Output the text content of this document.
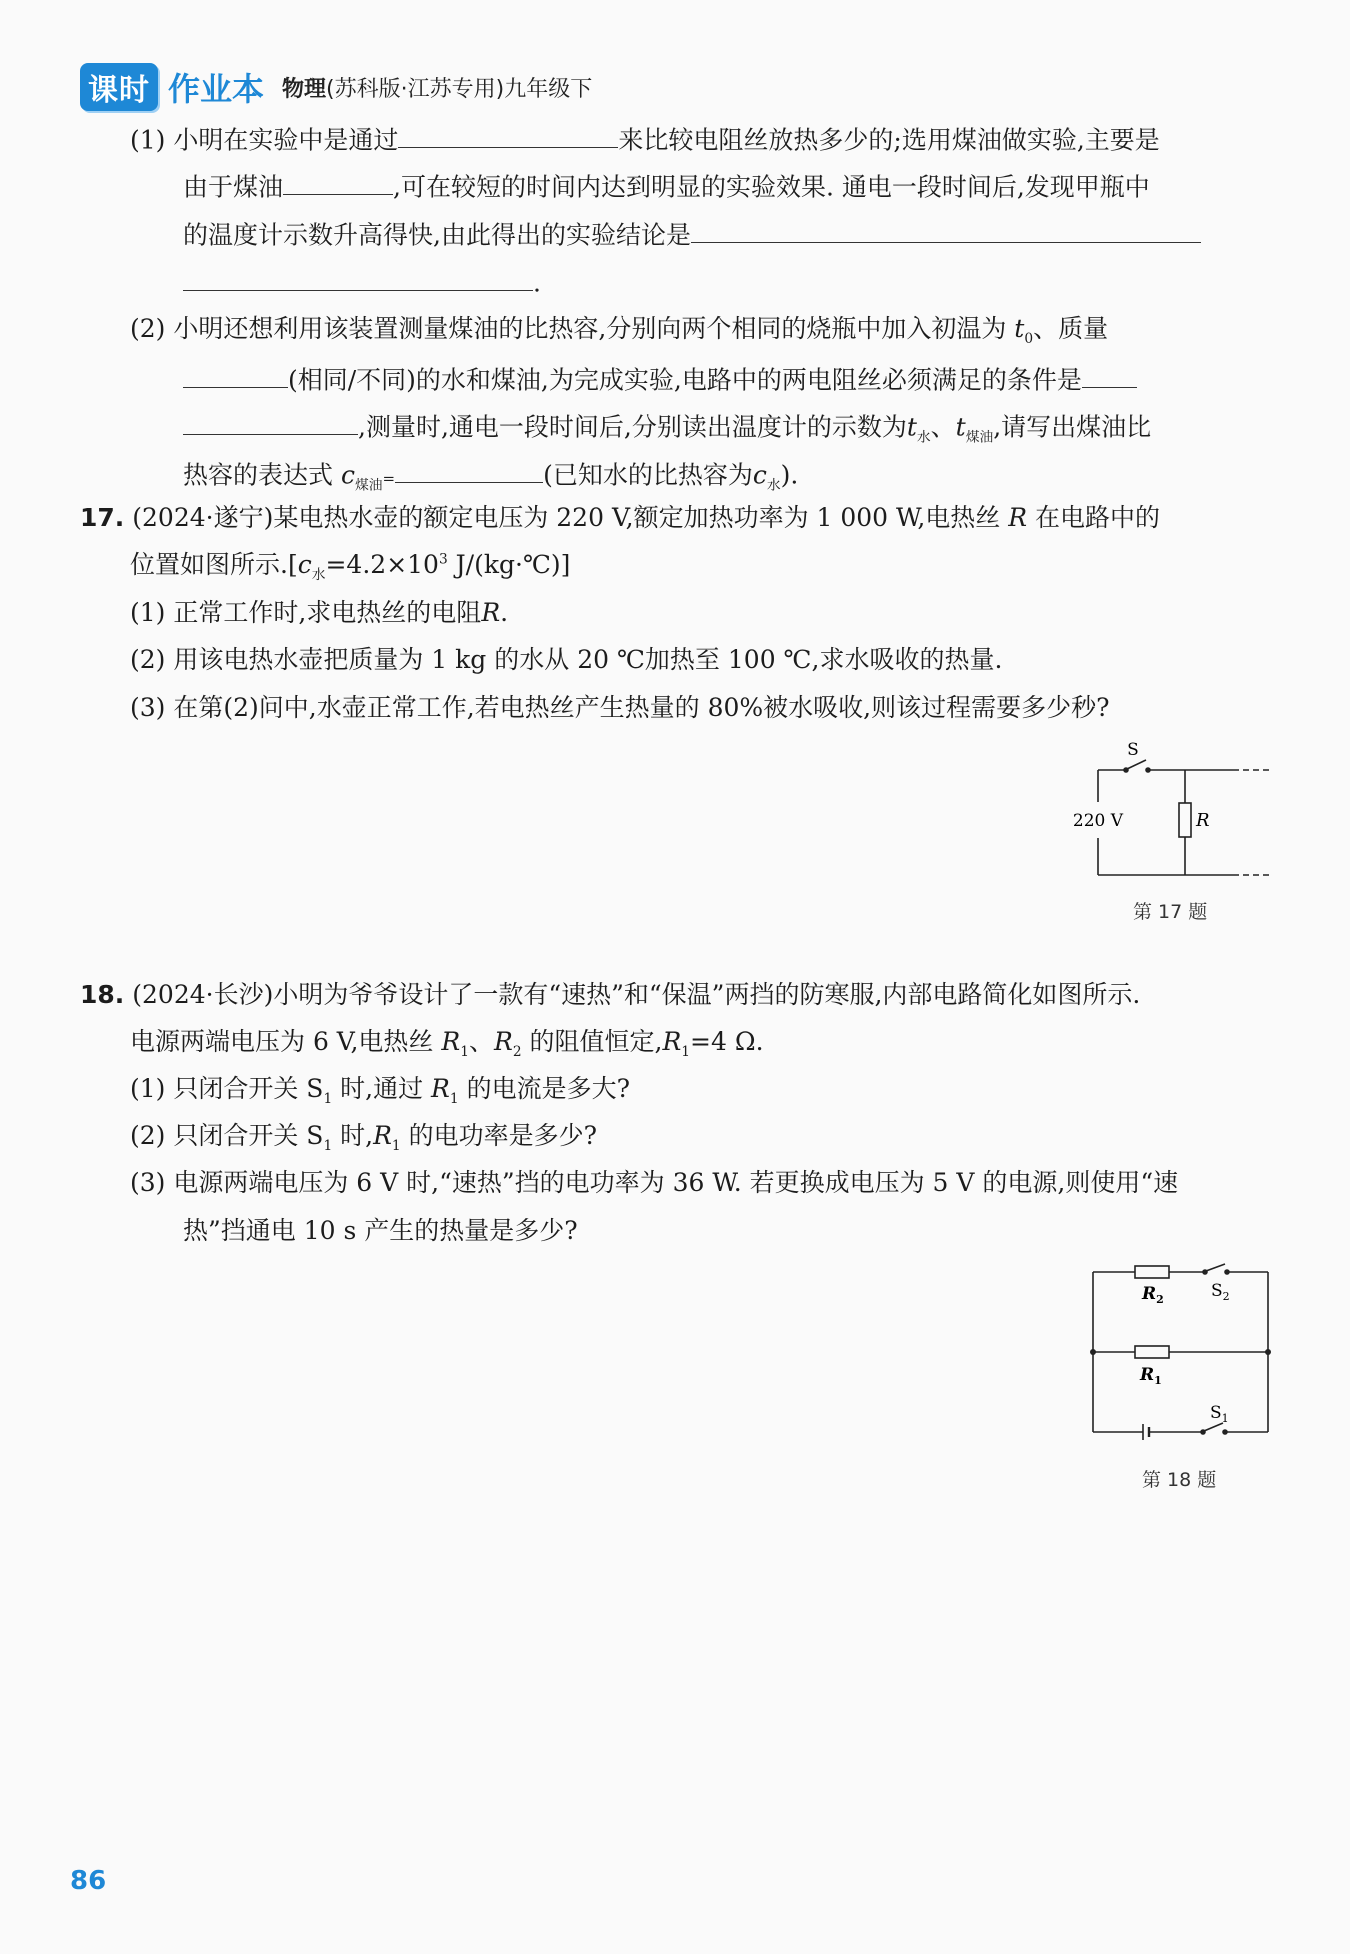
课时 作业本 物理(苏科版·江苏专用)九年级下
(1) 小明在实验中是通过	来比较电阻丝放热多少的;选用煤油做实验,主要是
由于煤油	,可在较短的时间内达到明显的实验效果. 通电一段时间后,发现甲瓶中
的温度计示数升高得快,由此得出的实验结论是
.
(2) 小明还想利用该装置测量煤油的比热容,分别向两个相同的烧瓶中加入初温为 $t_0$、质量
(相同/不同)的水和煤油,为完成实验,电路中的两电阻丝必须满足的条件是
,测量时,通电一段时间后,分别读出温度计的示数为$t_水$、$t_{煤油}$,请写出煤油比
热容的表达式 $c_{煤油}=$	(已知水的比热容为$c_水$).
17. (2024·遂宁)某电热水壶的额定电压为 220 V,额定加热功率为 1 000 W,电热丝 R 在电路中的
位置如图所示$.[c_水=4.2\times 10^3$ J/(kg·℃)]
(1) 正常工作时,求电热丝的电阻R.
(2) 用该电热水壶把质量为 1 kg 的水从 20 ℃加热至 100 ℃,求水吸收的热量.
(3) 在第(2)问中,水壶正常工作,若电热丝产生热量的 80%被水吸收,则该过程需要多少秒?
S
220 V	R
第 17 题
18. (2024·长沙)小明为爷爷设计了一款有“速热”和“保温”两挡的防寒服,内部电路简化如图所示.
电源两端电压为 6 V,电热丝 $R_1$、$R_2$ 的阻值恒定$,R_1=4$ Ω.
(1) 只闭合开关 $S_1$ 时,通过 $R_1$ 的电流是多大?
(2) 只闭合开关 $S_1$ 时$,R_1$ 的电功率是多少?
(3) 电源两端电压为 6 V 时,“速热”挡的电功率为 36 W. 若更换成电压为 5 V 的电源,则使用“速
热”挡通电 10 s 产生的热量是多少?
$R_2$	$S_2$
$R_1$
$S_1$
第 18 题
86
